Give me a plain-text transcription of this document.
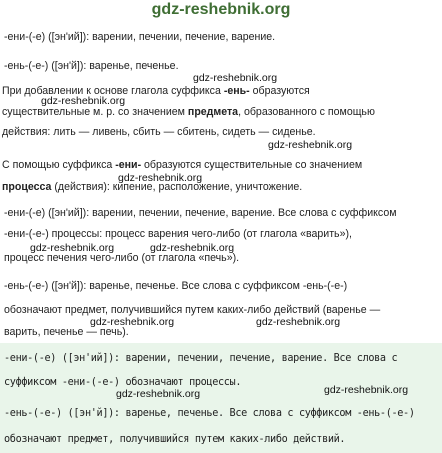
gdz-reshebnik.org
-ени-(-е) ([эн'ий]): варении, печении, печение, варение.
-ень-(-е-) ([эн'й]): варенье, печенье.
При добавлении к основе глагола суффикса -ень- образуются
существительные м. р. со значением предмета, образованного с помощью
действия: лить — ливень, сбить — сбитень, сидеть — сиденье.
С помощью суффикса -ени- образуются существительные со значением
процесса (действия): кипение, расположение, уничтожение.
-ени-(-е) ([эн'ий]): варении, печении, печение, варение. Все слова с суффиксом
-ени-(-е-) процессы: процесс варения чего-либо (от глагола «варить»),
процесс печения чего-либо (от глагола «печь»).
-ень-(-е-) ([эн'й]): варенье, печенье. Все слова с суффиксом -ень-(-е-)
обозначают предмет, получившийся путем каких-либо действий (варенье —
варить, печенье — печь).
-ени-(-е) ([эн'ий]): варении, печении, печение, варение. Все слова с
суффиксом -ени-(-е-) обозначают процессы.
-ень-(-е-) ([эн'й]): варенье, печенье. Все слова с суффиксом -ень-(-е-)
обозначают предмет, получившийся путем каких-либо действий.
gdz-reshebnik.org
gdz-reshebnik.org
gdz-reshebnik.org
gdz-reshebnik.org
gdz-reshebnik.org	gdz-reshebnik.org
gdz-reshebnik.org	gdz-reshebnik.org
gdz-reshebnik.org	gdz-reshebnik.org
